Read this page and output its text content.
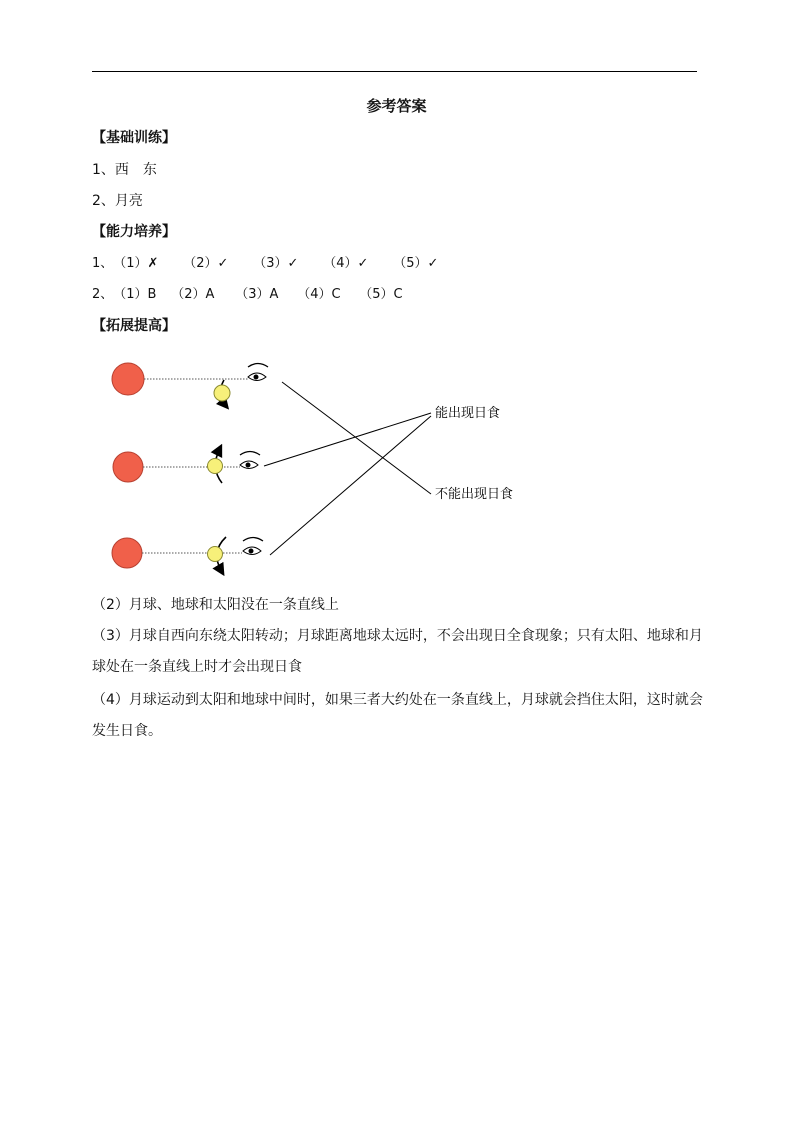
参考答案
【基础训练】
1、西　东
2、月亮
【能力培养】
1、（1）✗ （2）✓ （3）✓ （4）✓ （5）✓
2、（1）B （2）A （3）A （4）C （5）C
【拓展提高】
能出现日食
不能出现日食
（2）月球、地球和太阳没在一条直线上
（3）月球自西向东绕太阳转动；月球距离地球太远时，不会出现日全食现象；只有太阳、地球和月球处在一条直线上时才会出现日食
（4）月球运动到太阳和地球中间时，如果三者大约处在一条直线上，月球就会挡住太阳，这时就会发生日食。
